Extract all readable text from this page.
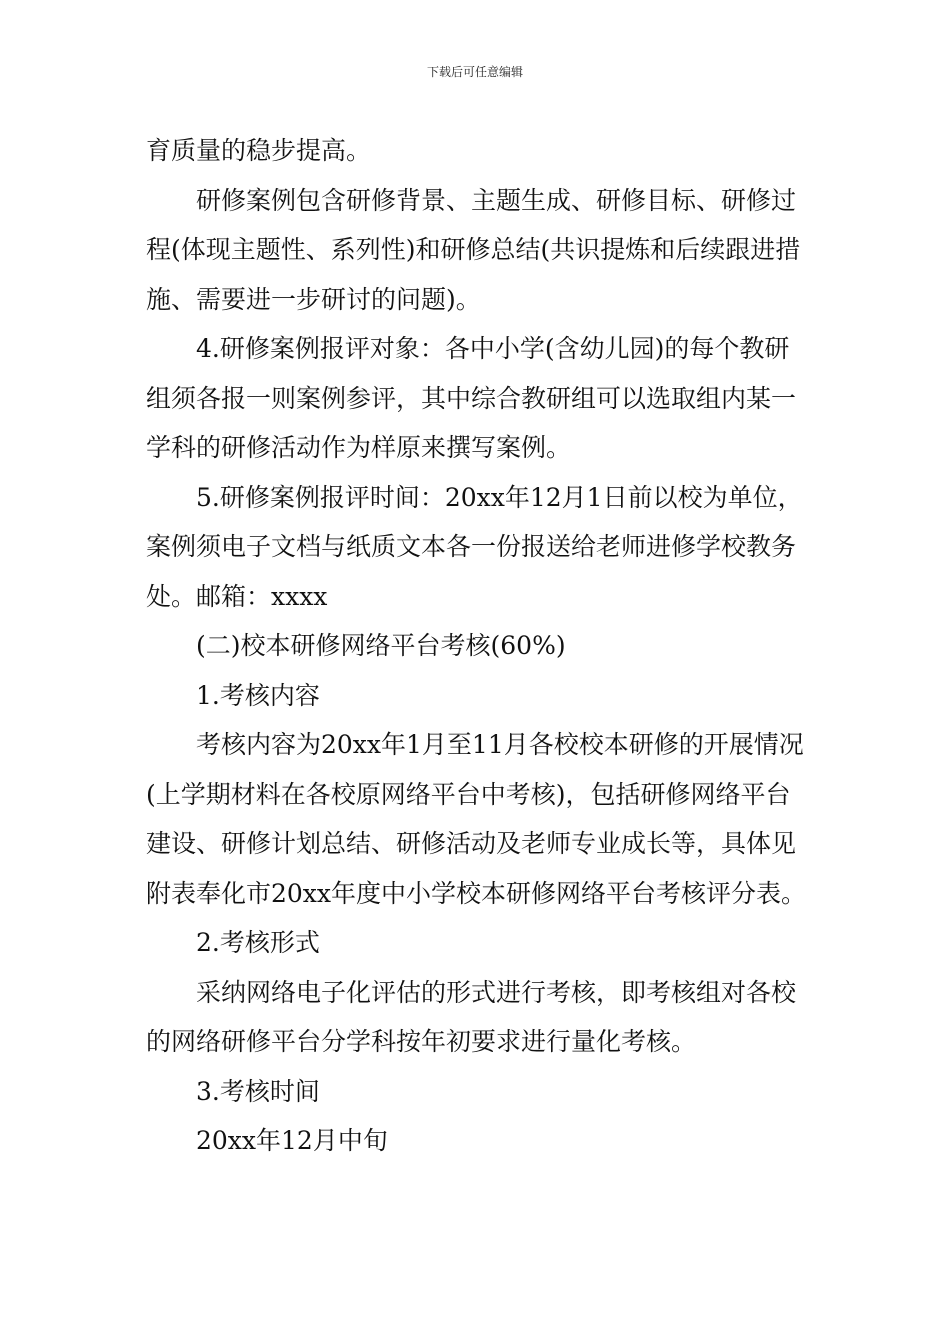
下载后可任意编辑

育质量的稳步提高。

研修案例包含研修背景、主题生成、研修目标、研修过程(体现主题性、系列性)和研修总结(共识提炼和后续跟进措施、需要进一步研讨的问题)。

4.研修案例报评对象：各中小学(含幼儿园)的每个教研组须各报一则案例参评，其中综合教研组可以选取组内某一学科的研修活动作为样原来撰写案例。

5.研修案例报评时间：20xx年12月1日前以校为单位，案例须电子文档与纸质文本各一份报送给老师进修学校教务处。邮箱：xxxx

(二)校本研修网络平台考核(60%)

1.考核内容

考核内容为20xx年1月至11月各校校本研修的开展情况(上学期材料在各校原网络平台中考核)，包括研修网络平台建设、研修计划总结、研修活动及老师专业成长等，具体见附表奉化市20xx年度中小学校本研修网络平台考核评分表。

2.考核形式

采纳网络电子化评估的形式进行考核，即考核组对各校的网络研修平台分学科按年初要求进行量化考核。

3.考核时间

20xx年12月中旬
